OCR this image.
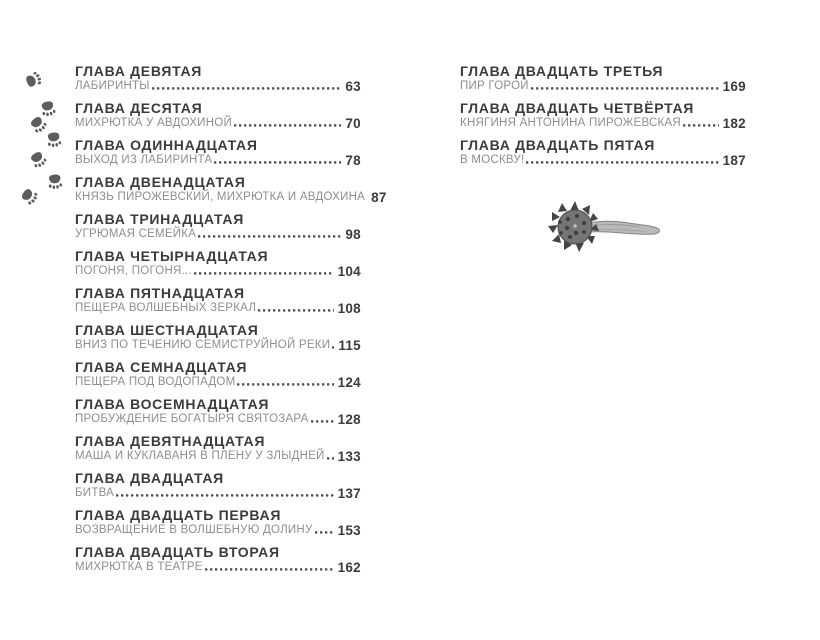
ГЛАВА ДЕВЯТАЯ
ЛАБИРИНТЫ	63
ГЛАВА ДЕСЯТАЯ
МИХРЮТКА У АВДОХИНОЙ	70
ГЛАВА ОДИННАДЦАТАЯ
ВЫХОД ИЗ ЛАБИРИНТА	78
ГЛАВА ДВЕНАДЦАТАЯ
КНЯЗЬ ПИРОЖЕВСКИЙ, МИХРЮТКА И АВДОХИНА 87
ГЛАВА ТРИНАДЦАТАЯ
УГРЮМАЯ СЕМЕЙКА	98
ГЛАВА ЧЕТЫРНАДЦАТАЯ
ПОГОНЯ, ПОГОНЯ...	104
ГЛАВА ПЯТНАДЦАТАЯ
ПЕЩЕРА ВОЛШЕБНЫХ ЗЕРКАЛ	108
ГЛАВА ШЕСТНАДЦАТАЯ
ВНИЗ ПО ТЕЧЕНИЮ СЕМИСТРУЙНОЙ РЕКИ 115
ГЛАВА СЕМНАДЦАТАЯ
ПЕЩЕРА ПОД ВОДОПАДОМ	124
ГЛАВА ВОСЕМНАДЦАТАЯ
ПРОБУЖДЕНИЕ БОГАТЫРЯ СВЯТОЗАРА 128
ГЛАВА ДЕВЯТНАДЦАТАЯ
МАША И КУКЛАВАНЯ В ПЛЕНУ У ЗЛЫДНЕЙ 133
ГЛАВА ДВАДЦАТАЯ
БИТВА	137
ГЛАВА ДВАДЦАТЬ ПЕРВАЯ
ВОЗВРАЩЕНИЕ В ВОЛШЕБНУЮ ДОЛИНУ 153
ГЛАВА ДВАДЦАТЬ ВТОРАЯ
МИХРЮТКА В ТЕАТРЕ	162
ГЛАВА ДВАДЦАТЬ ТРЕТЬЯ
ПИР ГОРОЙ	169
ГЛАВА ДВАДЦАТЬ ЧЕТВЁРТАЯ
КНЯГИНЯ АНТОНИНА ПИРОЖЕВСКАЯ	182
ГЛАВА ДВАДЦАТЬ ПЯТАЯ
В МОСКВУ!	187
